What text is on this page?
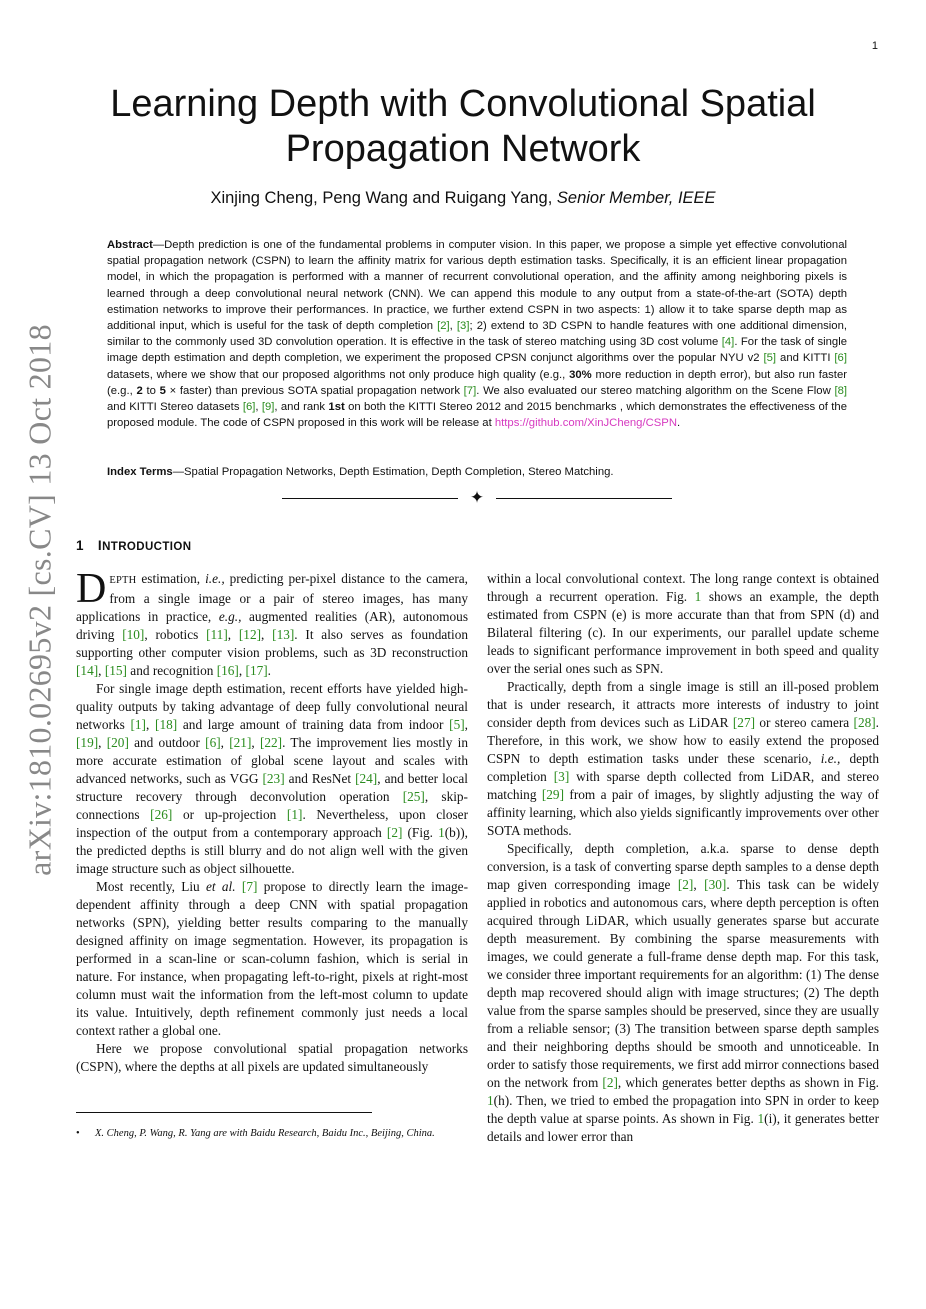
1
arXiv:1810.02695v2 [cs.CV] 13 Oct 2018
Learning Depth with Convolutional Spatial Propagation Network
Xinjing Cheng, Peng Wang and Ruigang Yang, Senior Member, IEEE
Abstract—Depth prediction is one of the fundamental problems in computer vision. In this paper, we propose a simple yet effective convolutional spatial propagation network (CSPN) to learn the affinity matrix for various depth estimation tasks. Specifically, it is an efficient linear propagation model, in which the propagation is performed with a manner of recurrent convolutional operation, and the affinity among neighboring pixels is learned through a deep convolutional neural network (CNN). We can append this module to any output from a state-of-the-art (SOTA) depth estimation networks to improve their performances. In practice, we further extend CSPN in two aspects: 1) allow it to take sparse depth map as additional input, which is useful for the task of depth completion [2], [3]; 2) extend to 3D CSPN to handle features with one additional dimension, similar to the commonly used 3D convolution operation. It is effective in the task of stereo matching using 3D cost volume [4]. For the task of single image depth estimation and depth completion, we experiment the proposed CPSN conjunct algorithms over the popular NYU v2 [5] and KITTI [6] datasets, where we show that our proposed algorithms not only produce high quality (e.g., 30% more reduction in depth error), but also run faster (e.g., 2 to 5 × faster) than previous SOTA spatial propagation network [7]. We also evaluated our stereo matching algorithm on the Scene Flow [8] and KITTI Stereo datasets [6], [9], and rank 1st on both the KITTI Stereo 2012 and 2015 benchmarks , which demonstrates the effectiveness of the proposed module. The code of CSPN proposed in this work will be release at https://github.com/XinJCheng/CSPN.
Index Terms—Spatial Propagation Networks, Depth Estimation, Depth Completion, Stereo Matching.
✦
1 INTRODUCTION

DEPTH estimation, i.e., predicting per-pixel distance to the camera, from a single image or a pair of stereo images, has many applications in practice, e.g., augmented realities (AR), autonomous driving [10], robotics [11], [12], [13]. It also serves as foundation supporting other computer vision problems, such as 3D reconstruction [14], [15] and recognition [16], [17].

For single image depth estimation, recent efforts have yielded high-quality outputs by taking advantage of deep fully convolutional neural networks [1], [18] and large amount of training data from indoor [5], [19], [20] and outdoor [6], [21], [22]. The improvement lies mostly in more accurate estimation of global scene layout and scales with advanced networks, such as VGG [23] and ResNet [24], and better local structure recovery through deconvolution operation [25], skip-connections [26] or up-projection [1]. Nevertheless, upon closer inspection of the output from a contemporary approach [2] (Fig. 1(b)), the predicted depths is still blurry and do not align well with the given image structure such as object silhouette.

Most recently, Liu et al. [7] propose to directly learn the image-dependent affinity through a deep CNN with spatial propagation networks (SPN), yielding better results comparing to the manually designed affinity on image segmentation. However, its propagation is performed in a scan-line or scan-column fashion, which is serial in nature. For instance, when propagating left-to-right, pixels at right-most column must wait the information from the left-most column to update its value. Intuitively, depth refinement commonly just needs a local context rather a global one.

Here we propose convolutional spatial propagation networks (CSPN), where the depths at all pixels are updated simultaneously

• X. Cheng, P. Wang, R. Yang are with Baidu Research, Baidu Inc., Beijing, China.

within a local convolutional context. The long range context is obtained through a recurrent operation. Fig. 1 shows an example, the depth estimated from CSPN (e) is more accurate than that from SPN (d) and Bilateral filtering (c). In our experiments, our parallel update scheme leads to significant performance improvement in both speed and quality over the serial ones such as SPN.

Practically, depth from a single image is still an ill-posed problem that is under research, it attracts more interests of industry to joint consider depth from devices such as LiDAR [27] or stereo camera [28]. Therefore, in this work, we show how to easily extend the proposed CSPN to depth estimation tasks under these scenario, i.e., depth completion [3] with sparse depth collected from LiDAR, and stereo matching [29] from a pair of images, by slightly adjusting the way of affinity learning, which also yields significantly improvements over other SOTA methods.

Specifically, depth completion, a.k.a. sparse to dense depth conversion, is a task of converting sparse depth samples to a dense depth map given corresponding image [2], [30]. This task can be widely applied in robotics and autonomous cars, where depth perception is often acquired through LiDAR, which usually generates sparse but accurate depth measurement. By combining the sparse measurements with images, we could generate a full-frame dense depth map. For this task, we consider three important requirements for an algorithm: (1) The dense depth map recovered should align with image structures; (2) The depth value from the sparse samples should be preserved, since they are usually from a reliable sensor; (3) The transition between sparse depth samples and their neighboring depths should be smooth and unnoticeable. In order to satisfy those requirements, we first add mirror connections based on the network from [2], which generates better depths as shown in Fig. 1(h). Then, we tried to embed the propagation into SPN in order to keep the depth value at sparse points. As shown in Fig. 1(i), it generates better details and lower error than
